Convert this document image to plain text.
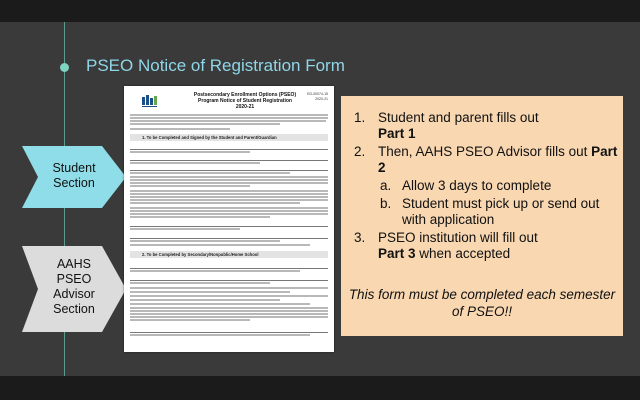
PSEO Notice of Registration Form
Student
Section
AAHS
PSEO
Advisor
Section
Postsecondary Enrollment Options (PSEO)
Program Notice of Student Registration
2020-21
ED-00074-15
2020-21
1. To be Completed and Signed by the Student and Parent/Guardian
2. To be Completed by Secondary/Nonpublic/Home School
1. Student and parent fills out
Part 1
2. Then, AAHS PSEO Advisor fills out Part 2
a. Allow 3 days to complete
b. Student must pick up or send out with application
3. PSEO institution will fill out
Part 3 when accepted
This form must be completed each semester of PSEO!!
